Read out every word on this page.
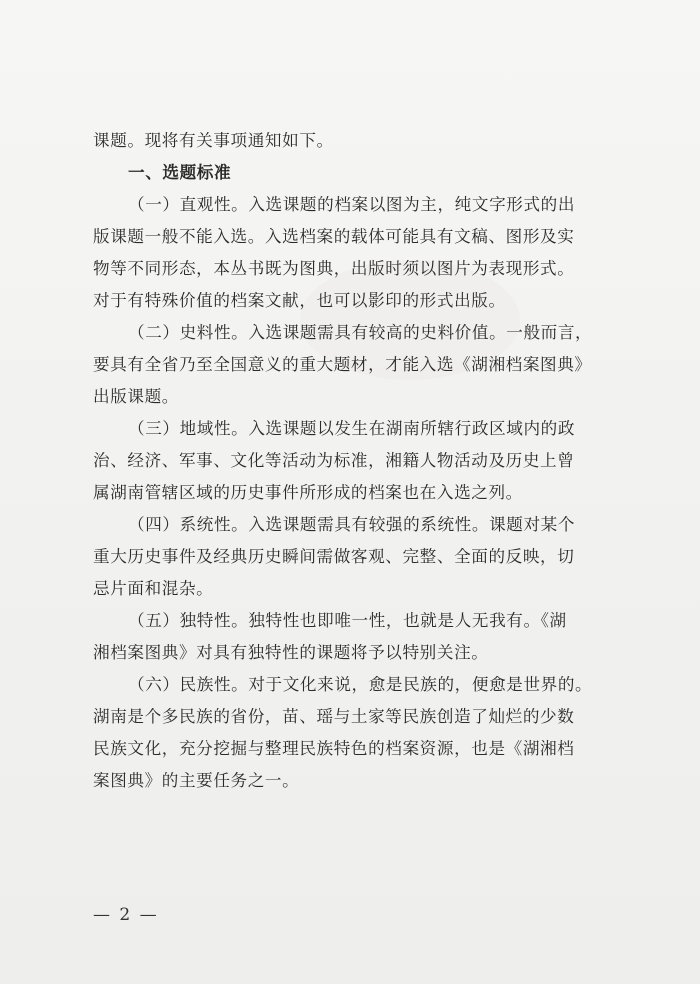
课题。现将有关事项通知如下。
一、选题标准
（一）直观性。入选课题的档案以图为主，纯文字形式的出
版课题一般不能入选。入选档案的载体可能具有文稿、图形及实
物等不同形态，本丛书既为图典，出版时须以图片为表现形式。
对于有特殊价值的档案文献，也可以影印的形式出版。
（二）史料性。入选课题需具有较高的史料价值。一般而言，
要具有全省乃至全国意义的重大题材，才能入选《湖湘档案图典》
出版课题。
（三）地域性。入选课题以发生在湖南所辖行政区域内的政
治、经济、军事、文化等活动为标准，湘籍人物活动及历史上曾
属湖南管辖区域的历史事件所形成的档案也在入选之列。
（四）系统性。入选课题需具有较强的系统性。课题对某个
重大历史事件及经典历史瞬间需做客观、完整、全面的反映，切
忌片面和混杂。
（五）独特性。独特性也即唯一性，也就是人无我有。《湖
湘档案图典》对具有独特性的课题将予以特别关注。
（六）民族性。对于文化来说，愈是民族的，便愈是世界的。
湖南是个多民族的省份，苗、瑶与土家等民族创造了灿烂的少数
民族文化，充分挖掘与整理民族特色的档案资源，也是《湖湘档
案图典》的主要任务之一。
— 2 —
